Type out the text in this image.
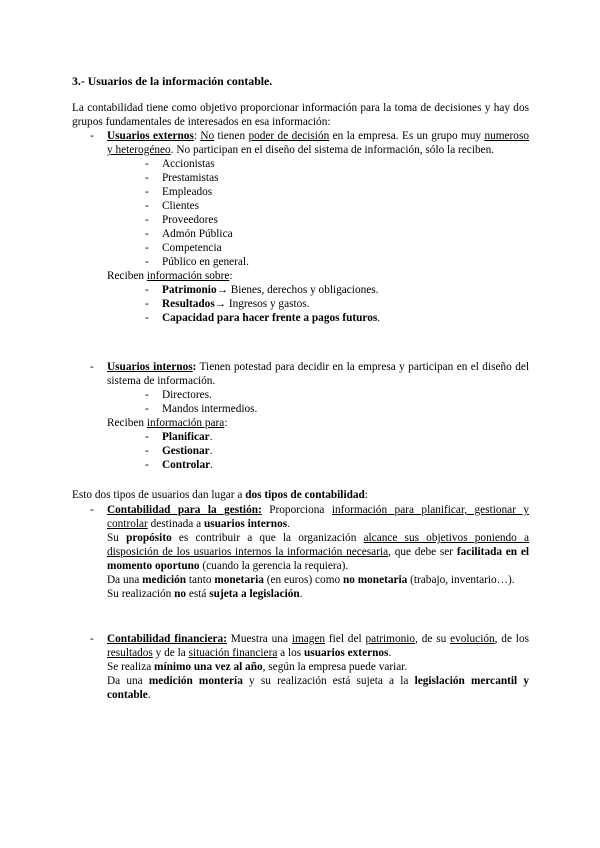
3.- Usuarios de la información contable.
La contabilidad tiene como objetivo proporcionar información para la toma de decisiones y hay dos grupos fundamentales de interesados en esa información:
- Usuarios externos: No tienen poder de decisión en la empresa. Es un grupo muy numeroso y heterogéneo. No participan en el diseño del sistema de información, sólo la reciben.
- Accionistas
- Prestamistas
- Empleados
- Clientes
- Proveedores
- Admón Pública
- Competencia
- Público en general.
Reciben información sobre:
- Patrimonio→ Bienes, derechos y obligaciones.
- Resultados→ Ingresos y gastos.
- Capacidad para hacer frente a pagos futuros.
- Usuarios internos: Tienen potestad para decidir en la empresa y participan en el diseño del sistema de información.
- Directores.
- Mandos intermedios.
Reciben información para:
- Planificar.
- Gestionar.
- Controlar.
Esto dos tipos de usuarios dan lugar a dos tipos de contabilidad:
- Contabilidad para la gestión: Proporciona información para planificar, gestionar y controlar destinada a usuarios internos.
Su propósito es contribuir a que la organización alcance sus objetivos poniendo a disposición de los usuarios internos la información necesaria, que debe ser facilitada en el momento oportuno (cuando la gerencia la requiera).
Da una medición tanto monetaria (en euros) como no monetaria (trabajo, inventario…).
Su realización no está sujeta a legislación.
- Contabilidad financiera: Muestra una imagen fiel del patrimonio, de su evolución, de los resultados y de la situación financiera a los usuarios externos.
Se realiza mínimo una vez al año, según la empresa puede variar.
Da una medición montería y su realización está sujeta a la legislación mercantil y contable.
